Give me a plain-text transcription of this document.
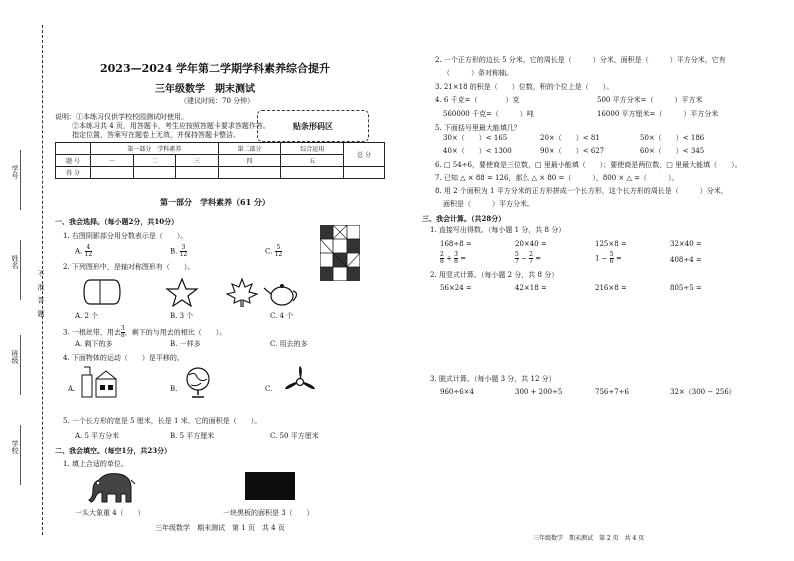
学号
姓名
不 准 答 题
班级
学校
2023—2024 学年第二学期学科素养综合提升
三年级数学　期末测试
（建议时间：70 分钟）
说明：①本练习仅供学校校园测试时使用。
②本练习共 4 页，用答题卡，考生应按照答题卡要求答题作答。
指定位置，答案写在题卷上无效，并保持答题卡整洁。
贴条形码区
	第一部分　学科素养			第二部分	综合运用	总 分
题 号	一	二	三	四	五	
得 分						
第一部分　学科素养（61 分）
一、我会选择。（每小题2分，共10分）
1. 右图阴影部分用分数表示是（　　）。
A. $\frac{4}{12}$	B. $\frac{3}{12}$	C. $\frac{5}{12}$
2. 下列图形中，是轴对称图形有（　　）。
A. 2 个	B. 3 个	C. 4 个
3. 一根丝带，用去 $\frac{3}{8}$ ，剩下的与用去的相比（　　）。
A. 剩下的多	B. 一样多	C. 用去的多
4. 下面物体的运动（　　）是平移的。
A.	B.	C.
5. 一个长方形的宽是 5 厘米，长是 1 米，它的面积是（　　）。
A. 5 平方分米	B. 5 平方厘米	C. 50 平方厘米
二、我会填空。（每空1分，共23分）
1. 填上合适的单位。
一头大象重 4（　　）	一块黑板的面积是 3（　　）
三年级数学　期末测试　第 1 页　共 4 页
2. 一个正方形的边长 5 分米，它的周长是（　　　）分米，面积是（　　　）平方分米，它有
（　　　）条对称轴。
3. 21×18 的积是（　　）位数，积的个位上是（　　）。
4. 6 千克=（　　　　）克	500 平方分米=（　　　）平方米
560000 千克=（　　　）吨	16000 平方厘米=（　　　）平方分米
5. 下面括号里最大能填几？
30×（　　）< 165	20×（　　）< 81	50×（　　）< 186
40×（　　）< 1300	90×（　　）< 627	60×（　　）< 345
6. □ 54÷6，要使商是三位数，□ 里最小能填（　　）；要使商是两位数，□ 里最大能填（　　）。
7. 已知 △ × 88 = 126，那么 △ × 80 =（　　　），800 × △ =（　　　）。
8. 用 2 个面积为 1 平方分米的正方形拼成一个长方形，这个长方形的周长是（　　　）分米，
面积是（　　　）平方分米。
三、我会计算。（共28分）
1. 直接写出得数。（每小题 1 分，共 8 分）
168÷8 =	20×40 =	125×8 =	32×40 =
$\frac{2}{8} + \frac{3}{8}$ =	$\frac{5}{7} - \frac{2}{7}$ =	$1 - \frac{5}{6}$ =	408÷4 =
2. 用竖式计算。（每小题 2 分，共 8 分）
56×24 =	42×18 =	216×8 =	805÷5 =
3. 脱式计算。（每小题 3 分，共 12 分）
960÷6×4	300 + 200÷5	756÷7÷6	32×（300 − 256）
三年级数学　期末测试　第 2 页　共 4 页
